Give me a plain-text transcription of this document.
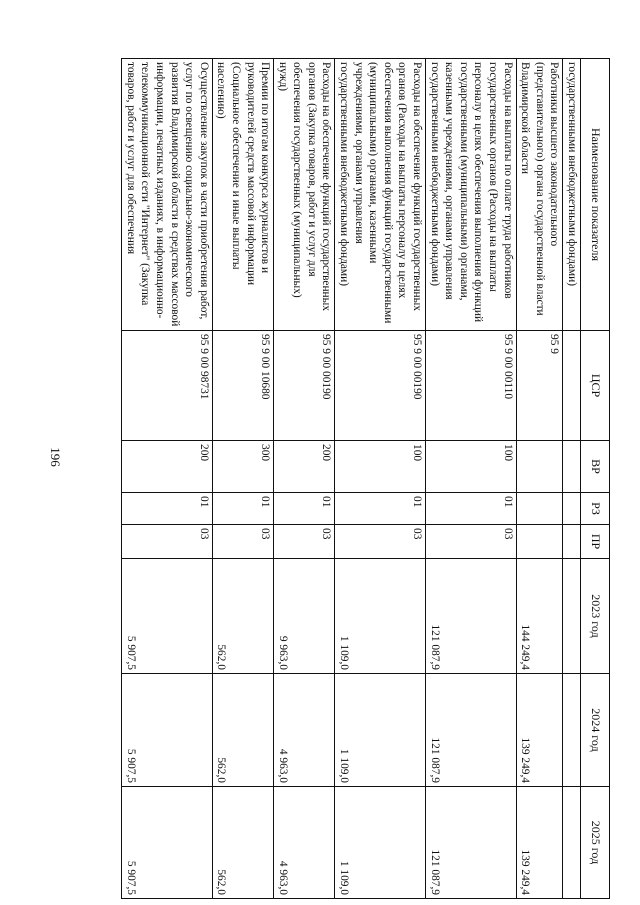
196
Наименование показателя	ЦСР	ВР	РЗ	ПР	2023 год	2024 год	2025 год
государственными внебюджетными фондами)							
Работники высшего законодательного (представительного) органа государственной власти Владимирской области	95 9				144 249,4	139 249,4	139 249,4
Расходы на выплаты по оплате труда работников государственных органов (Расходы на выплаты персоналу в целях обеспечения выполнения функций государственными (муниципальными) органами, казенными учреждениями, органами управления государственными внебюджетными фондами)	95 9 00 00110	100	01	03	121 087,9	121 087,9	121 087,9
Расходы на обеспечение функций государственных органов (Расходы на выплаты персоналу в целях обеспечения выполнения функций государственными (муниципальными) органами, казенными учреждениями, органами управления государственными внебюджетными фондами)	95 9 00 00190	100	01	03	1 109,0	1 109,0	1 109,0
Расходы на обеспечение функций государственных органов (Закупка товаров, работ и услуг для обеспечения государственных (муниципальных) нужд)	95 9 00 00190	200	01	03	9 963,0	4 963,0	4 963,0
Премии по итогам конкурса журналистов и руководителей средств массовой информации (Социальное обеспечение и иные выплаты населению)	95 9 00 10680	300	01	03	562,0	562,0	562,0
Осуществление закупок в части приобретения работ, услуг по освещению социально-экономического развития Владимирской области в средствах массовой информации, печатных изданиях, в информационно-телекоммуникационной сети "Интернет" (Закупка товаров, работ и услуг для обеспечения	95 9 00 98731	200	01	03	5 907,5	5 907,5	5 907,5
